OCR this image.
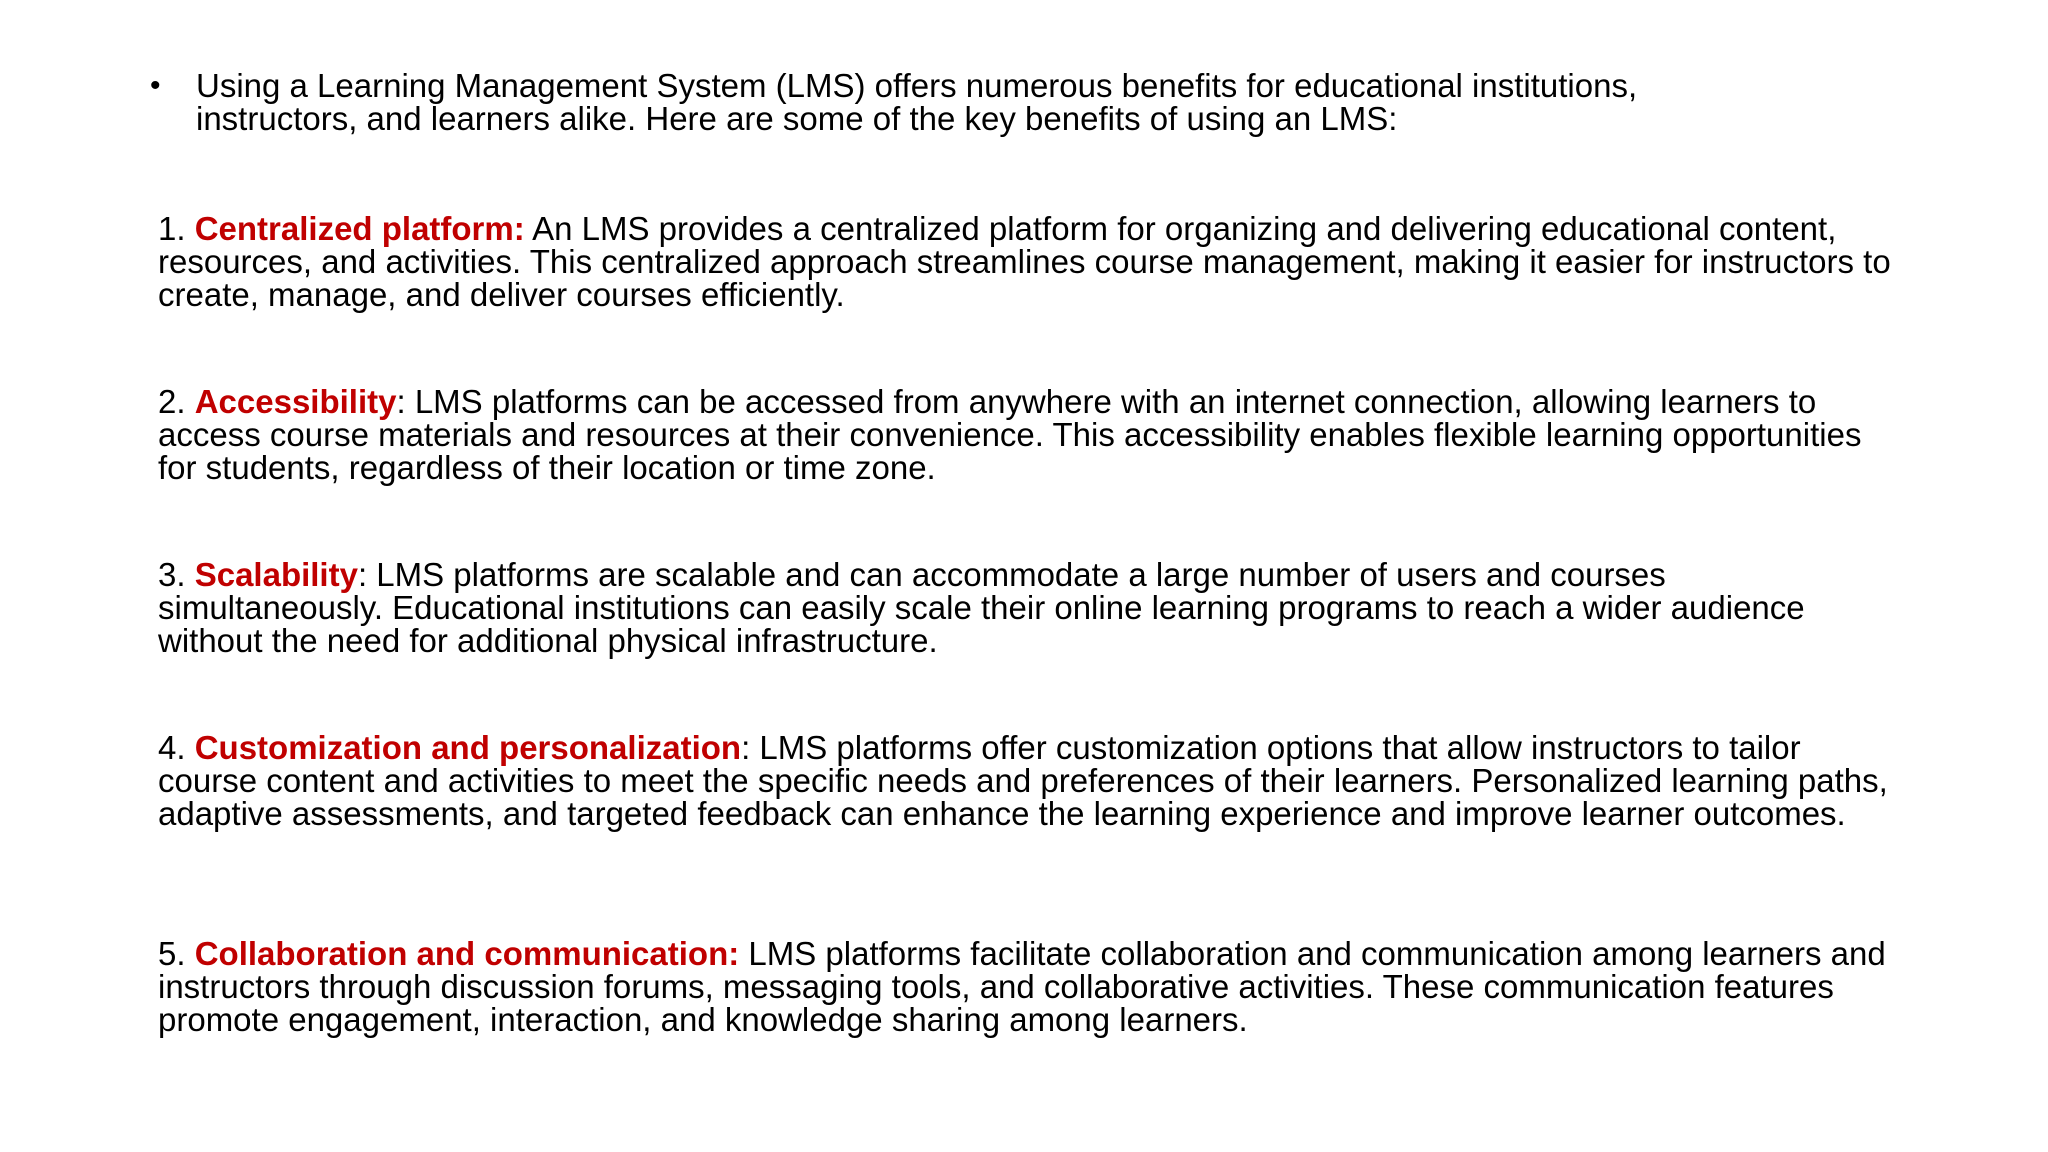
•	Using a Learning Management System (LMS) offers numerous benefits for educational institutions, instructors, and learners alike. Here are some of the key benefits of using an LMS:
1. Centralized platform: An LMS provides a centralized platform for organizing and delivering educational content, resources, and activities. This centralized approach streamlines course management, making it easier for instructors to create, manage, and deliver courses efficiently.
2. Accessibility: LMS platforms can be accessed from anywhere with an internet connection, allowing learners to access course materials and resources at their convenience. This accessibility enables flexible learning opportunities for students, regardless of their location or time zone.
3. Scalability: LMS platforms are scalable and can accommodate a large number of users and courses simultaneously. Educational institutions can easily scale their online learning programs to reach a wider audience without the need for additional physical infrastructure.
4. Customization and personalization: LMS platforms offer customization options that allow instructors to tailor course content and activities to meet the specific needs and preferences of their learners. Personalized learning paths, adaptive assessments, and targeted feedback can enhance the learning experience and improve learner outcomes.
5. Collaboration and communication: LMS platforms facilitate collaboration and communication among learners and instructors through discussion forums, messaging tools, and collaborative activities. These communication features promote engagement, interaction, and knowledge sharing among learners.
